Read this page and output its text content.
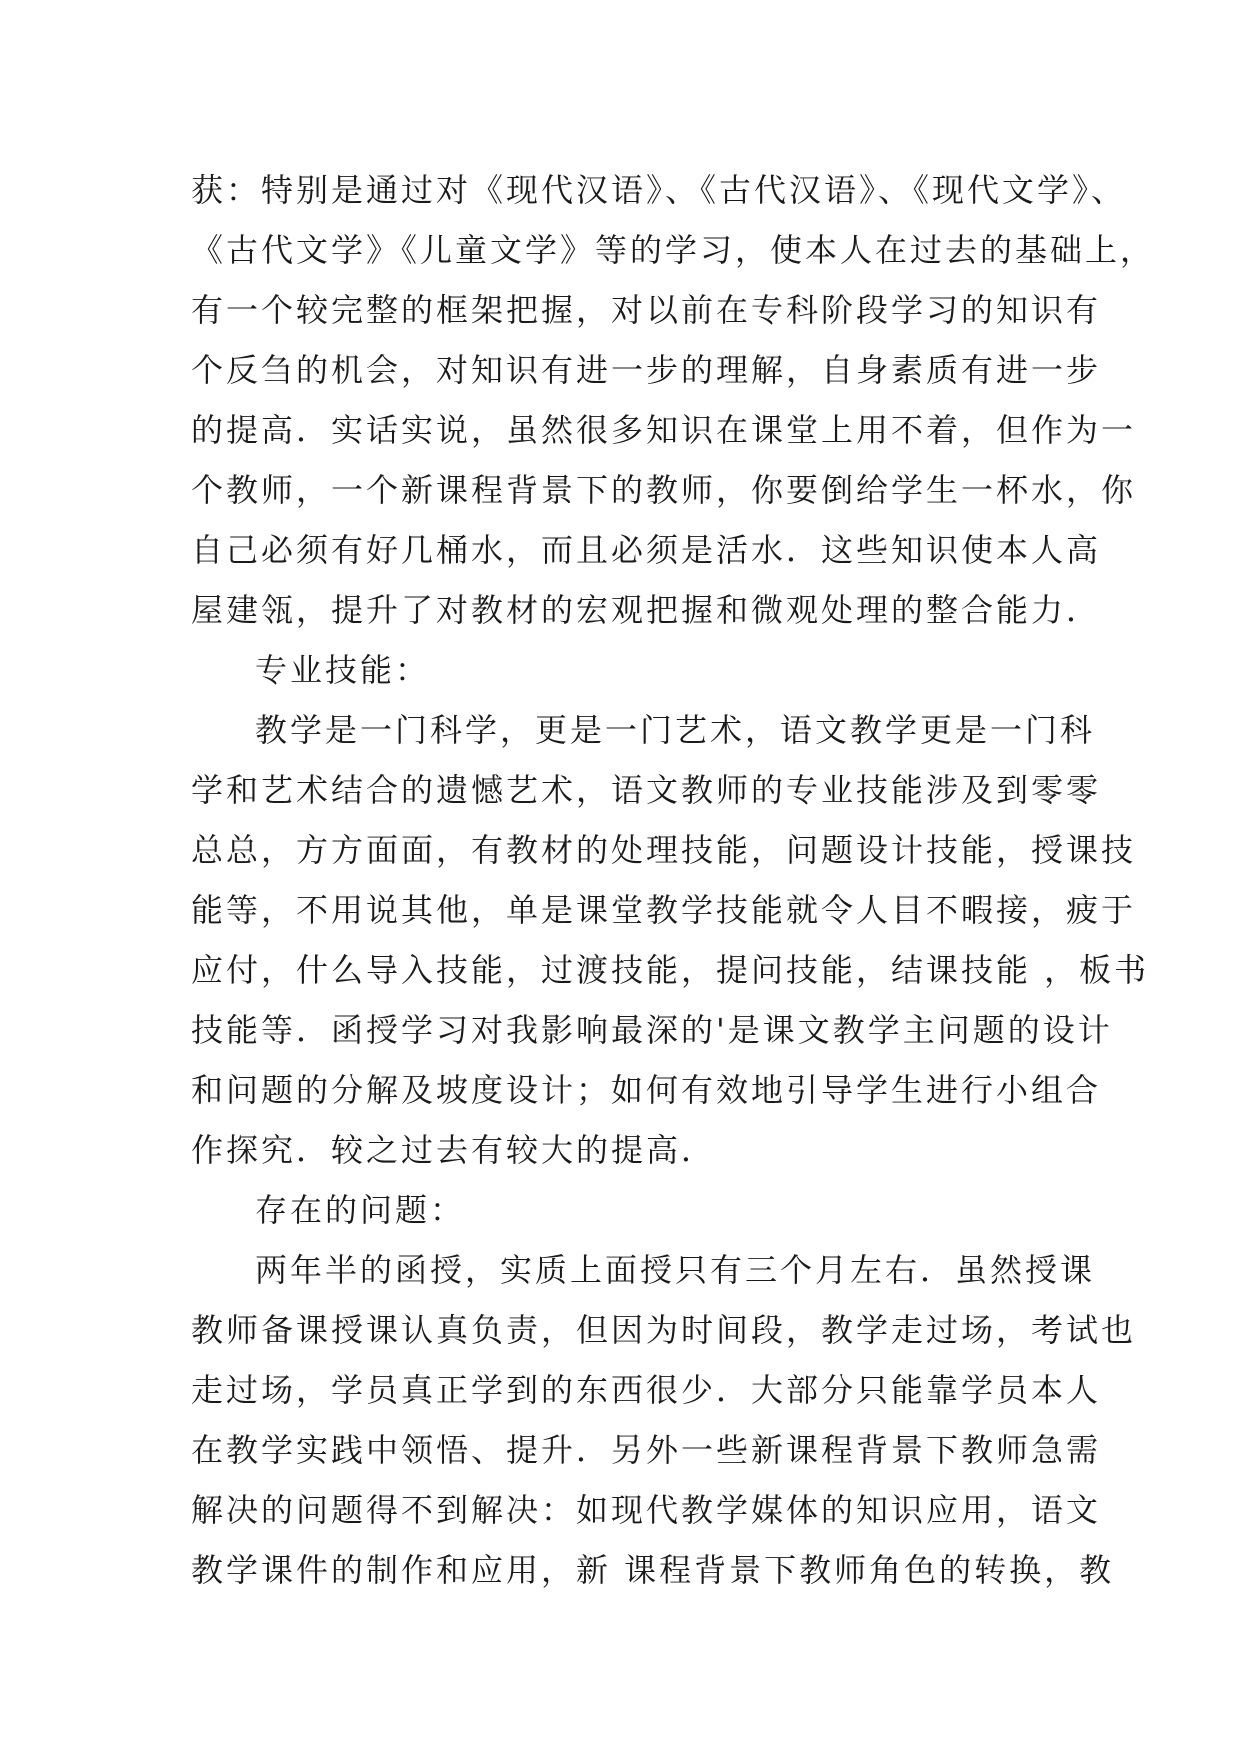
获：特别是通过对《现代汉语》、《古代汉语》、《现代文学》、
《古代文学》《儿童文学》等的学习，使本人在过去的基础上，
有一个较完整的框架把握，对以前在专科阶段学习的知识有
个反刍的机会，对知识有进一步的理解，自身素质有进一步
的提高．实话实说，虽然很多知识在课堂上用不着，但作为一
个教师，一个新课程背景下的教师，你要倒给学生一杯水，你
自己必须有好几桶水，而且必须是活水．这些知识使本人高
屋建瓴，提升了对教材的宏观把握和微观处理的整合能力．
专业技能：
教学是一门科学，更是一门艺术，语文教学更是一门科
学和艺术结合的遗憾艺术，语文教师的专业技能涉及到零零
总总，方方面面，有教材的处理技能，问题设计技能，授课技
能等，不用说其他，单是课堂教学技能就令人目不暇接，疲于
应付，什么导入技能，过渡技能，提问技能，结课技能 ，板书
技能等．函授学习对我影响最深的'是课文教学主问题的设计
和问题的分解及坡度设计；如何有效地引导学生进行小组合
作探究．较之过去有较大的提高．
存在的问题：
两年半的函授，实质上面授只有三个月左右．虽然授课
教师备课授课认真负责，但因为时间段，教学走过场，考试也
走过场，学员真正学到的东西很少．大部分只能靠学员本人
在教学实践中领悟、提升．另外一些新课程背景下教师急需
解决的问题得不到解决：如现代教学媒体的知识应用，语文
教学课件的制作和应用，新 课程背景下教师角色的转换，教
